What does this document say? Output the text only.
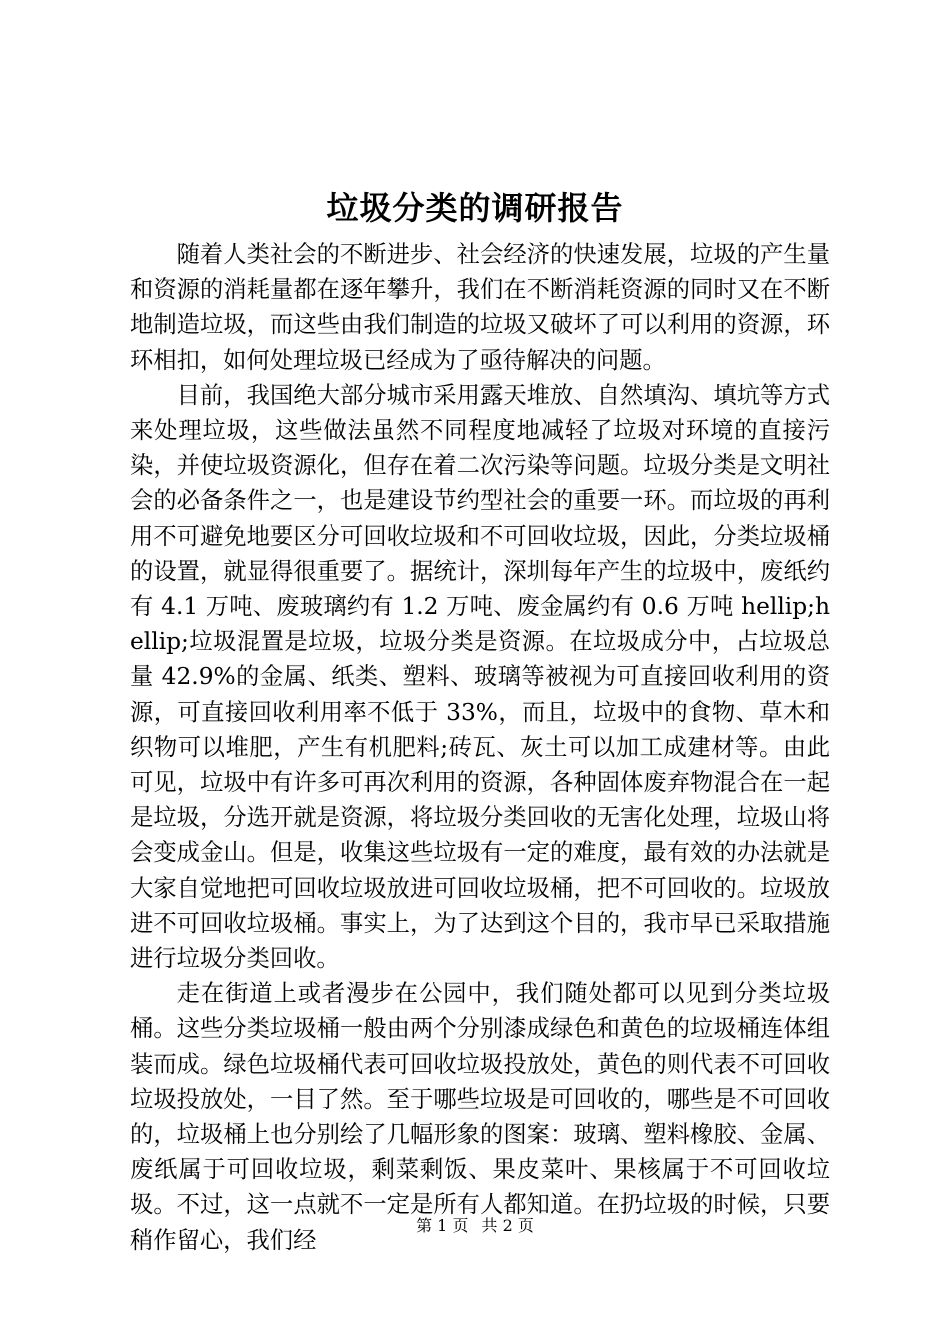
垃圾分类的调研报告

随着人类社会的不断进步、社会经济的快速发展，垃圾的产生量和资源的消耗量都在逐年攀升，我们在不断消耗资源的同时又在不断地制造垃圾，而这些由我们制造的垃圾又破坏了可以利用的资源，环环相扣，如何处理垃圾已经成为了亟待解决的问题。

目前，我国绝大部分城市采用露天堆放、自然填沟、填坑等方式来处理垃圾，这些做法虽然不同程度地减轻了垃圾对环境的直接污染，并使垃圾资源化，但存在着二次污染等问题。垃圾分类是文明社会的必备条件之一，也是建设节约型社会的重要一环。而垃圾的再利用不可避免地要区分可回收垃圾和不可回收垃圾，因此，分类垃圾桶的设置，就显得很重要了。据统计，深圳每年产生的垃圾中，废纸约有 4.1 万吨、废玻璃约有 1.2 万吨、废金属约有 0.6 万吨 hellip;hellip;垃圾混置是垃圾，垃圾分类是资源。在垃圾成分中，占垃圾总量 42.9%的金属、纸类、塑料、玻璃等被视为可直接回收利用的资源，可直接回收利用率不低于 33%，而且，垃圾中的食物、草木和织物可以堆肥，产生有机肥料;砖瓦、灰土可以加工成建材等。由此可见，垃圾中有许多可再次利用的资源，各种固体废弃物混合在一起是垃圾，分选开就是资源，将垃圾分类回收的无害化处理，垃圾山将会变成金山。但是，收集这些垃圾有一定的难度，最有效的办法就是大家自觉地把可回收垃圾放进可回收垃圾桶，把不可回收的。垃圾放进不可回收垃圾桶。事实上，为了达到这个目的，我市早已采取措施进行垃圾分类回收。

走在街道上或者漫步在公园中，我们随处都可以见到分类垃圾桶。这些分类垃圾桶一般由两个分别漆成绿色和黄色的垃圾桶连体组装而成。绿色垃圾桶代表可回收垃圾投放处，黄色的则代表不可回收垃圾投放处，一目了然。至于哪些垃圾是可回收的，哪些是不可回收的，垃圾桶上也分别绘了几幅形象的图案：玻璃、塑料橡胶、金属、废纸属于可回收垃圾，剩菜剩饭、果皮菜叶、果核属于不可回收垃圾。不过，这一点就不一定是所有人都知道。在扔垃圾的时候，只要稍作留心，我们经

第 1 页 共 2 页
